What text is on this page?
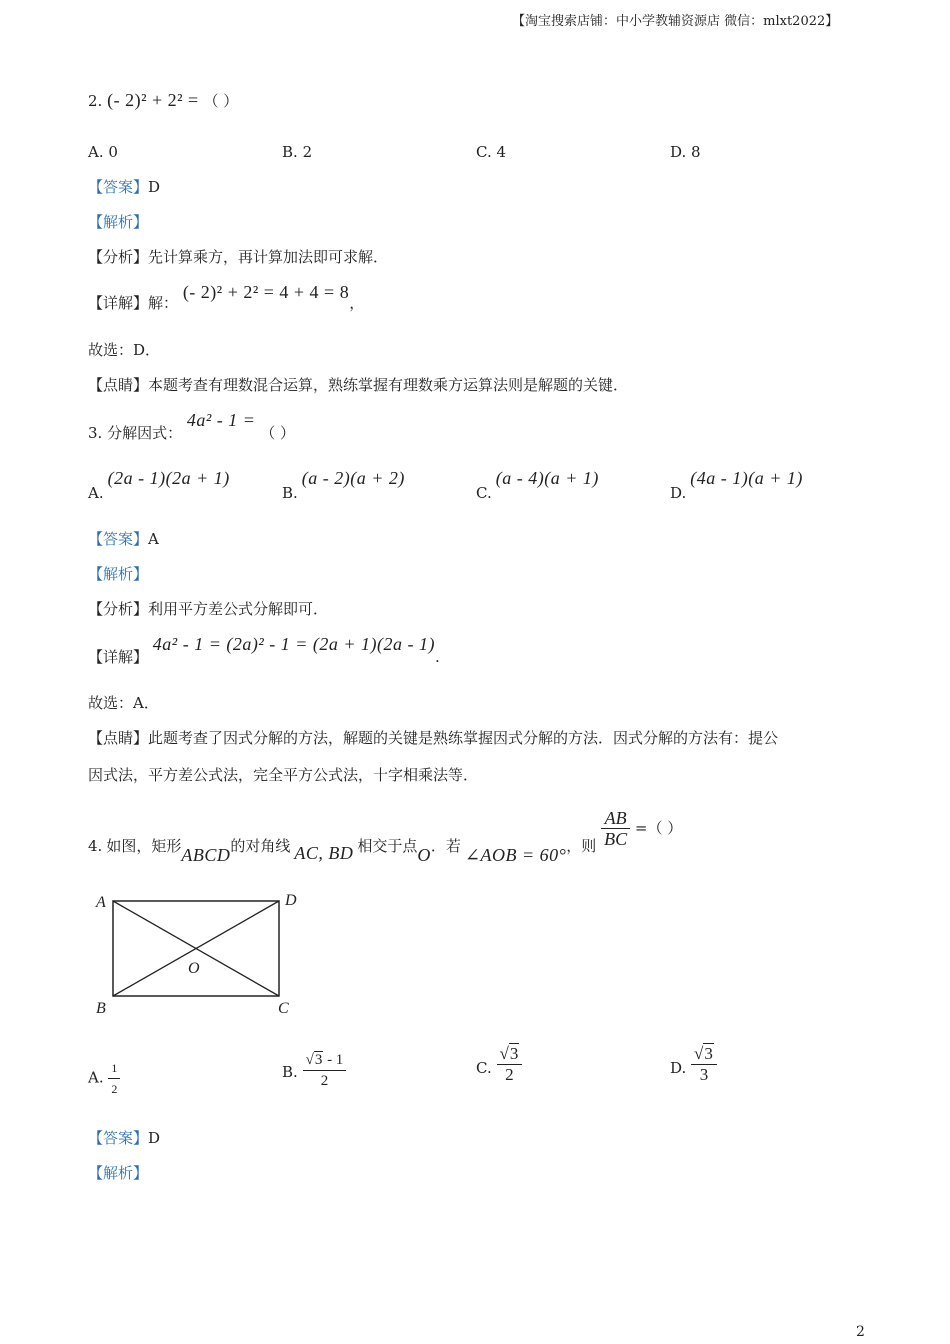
【淘宝搜索店铺：中小学教辅资源店 微信：mlxt2022】
2. (- 2)² + 2² = （ ）
A. 0	B. 2	C. 4	D. 8
【答案】D
【解析】
【分析】先计算乘方，再计算加法即可求解．
【详解】解： (- 2)² + 2² = 4 + 4 = 8，
故选：D．
【点睛】本题考查有理数混合运算，熟练掌握有理数乘方运算法则是解题的关键．
3. 分解因式： 4a² - 1 = （ ）
A.(2a - 1)(2a + 1)
B.(a - 2)(a + 2)
C.(a - 4)(a + 1)
D.(4a - 1)(a + 1)
【答案】A
【解析】
【分析】利用平方差公式分解即可．
【详解】 4a² - 1 = (2a)² - 1 = (2a + 1)(2a - 1).
故选：A．
【点睛】此题考查了因式分解的方法，解题的关键是熟练掌握因式分解的方法．因式分解的方法有：提公
因式法，平方差公式法，完全平方公式法，十字相乘法等．
4. 如图，矩形ABCD的对角线 AC, BD 相交于点O．若 ∠AOB = 60°，则 $\frac{AB}{BC}$ =（ ）
A	D
B	C
O
A. $\frac{1}{2}$	B. $\frac{√3 - 1}{2}$	C. $\frac{√3}{2}$	D. $\frac{√3}{3}$
【答案】D
【解析】
2
